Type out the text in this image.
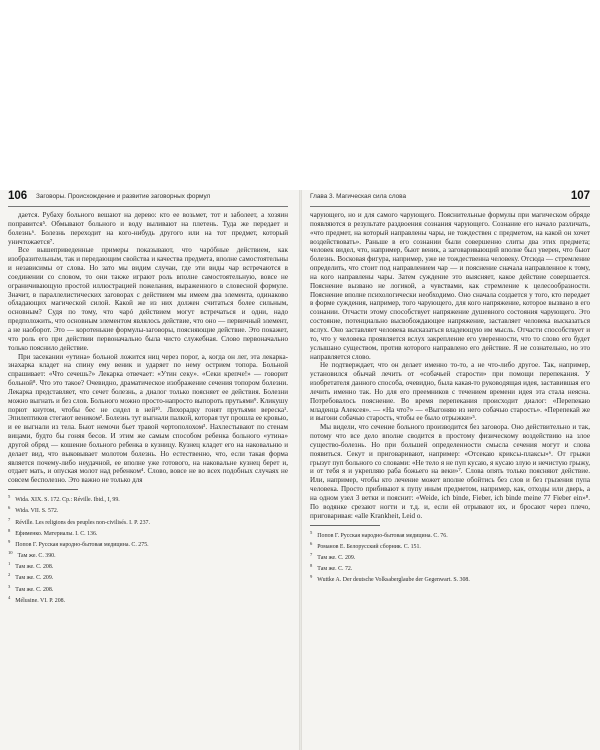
106 Заговоры. Происхождение и развитие заговорных формул

дается. Рубаху больного вешают на дерево: кто ее возьмет, тот и заболеет, а хозяин поправится⁵. Обмывают больного и воду выливают на плетень. Туда же передает и болезнь⁶. Болезнь переходит на кого-нибудь другого или на тот предмет, который уничтожается⁷.

Все вышеприведенные примеры показывают, что чарóбные действием, как изобразительным, так и передающим свойства и качества предмета, вполне самостоятельны и независимы от слова. Но зато мы видим случаи, где эти виды чар встречаются в соединении со словом, то они также играют роль вполне самостоятельную, вовсе не ограничивающую простой иллюстрацией пожелания, выраженного в словесной формуле. Значит, в параллелистических заговорах с действием мы имеем два элемента, одинаково обладающих магической силой. Какой же из них должен считаться более сильным, основным? Судя по тому, что чарó действием могут встречаться и одни, надо предположить, что основным элементом являлось действие, что оно — первичный элемент, а не наоборот. Это — коротенькие формулы-заговоры, поясняющие действие. Это покажет, что роль его при действии первоначально была чисто служебная. Слово первоначально только пояснило действие.

При засекании «утина» больной ложится ниц через порог, а, когда он лег, эта лекарка-знахарка кладет на спину ему веник и ударяет по нему острием топора. Больной спрашивает: «Что сечешь?» Лекарка отвечает: «Утин секу». «Секи крепче!» — говорит больной⁸. Что это такое? Очевидно, драматическое изображение сечения топором болезни. Лекарка представляет, что сечет болезнь, а диалог только поясняет ее действия. Болезни можно выгнать и без слов. Больного можно просто-напросто выпороть прутьями⁹. Кликушу порют кнутом, чтобы бес не сидел в ней¹⁰. Лихорадку гонят прутьями вереска¹. Эпилептиков стегают веником². Болезнь тут выгнали палкой, которая тут прошла ее кровью, и ее выгнали из тела. Бьют немочи бьет травой чертополохом³. Нахлестывают по стенам вицами, будто бы гоняя бесов. И этим же самым способом ребенка больного «утина» другой обряд — кошение больного ребенка в кузницу. Кузнец кладет его на наковальню и делает вид, что выковывает молотом болезнь. Но естественно, что, если такая форма является почему-либо неудачной, ее вполне уже готового, на наковальне кузнец берет и, отдает мать, и опуская молот над ребенком⁴. Слово, вовсе не во всех подобных случаях не совсем бесполезно. Это важно не только для

$^5$Wida. XIX. S. 172. Ср.: Réville. Ibid., I, 99.
$^6$Wida. VII. S. 572.
$^7$Réville. Les religions des peuples non-civilisés. I. P. 237.
$^8$Ефименко. Материалы. I. C. 136.
$^9$Попов Г. Русская народно-бытовая медицина. С. 275.
$^{10}$Там же. С. 390.
$^1$Там же. С. 208.
$^2$Там же. С. 209.
$^3$Там же. С. 208.
$^4$Mélusine. VI. P. 208.
Глава 3. Магическая сила слова	107

чарующего, но и для самого чарующего. Пояснительные формулы при магическом обряде появляются в результате раздвоения сознания чарующего. Сознание его начало различать, «что предмет, на который направлены чары, не тождествен с предметом, на какой он хочет воздействовать». Раньше в его сознании были совершенно слиты два этих предмета; человек видел, что, например, бьют веник, а заговаривающий вполне был уверен, что бьют болезнь. Восковая фигура, например, уже не тождественна человеку. Отсюда — стремление определить, что стоит под направлением чар — и пояснение сначала направленное к тому, на кого направлены чары. Затем суждение это выясняет, какое действие совершается. Пояснение вызвано не логикой, а чувствами, как стремление к целесообразности. Пояснение вполне психологически необходимо. Оно сначала создается у того, кто передает в форме суждения, например, того чарующего, для кого напряжение, которое вызвано в его сознании. Отчасти этому способствует напряжение душевного состояния чарующего. Это состояние, потенциально высвобождающее напряжение, заставляет человека высказаться вслух. Оно заставляет человека высказаться владеющую им мысль. Отчасти способствует и то, что у человека проявляется вслух закрепление его уверенности, что то слово его будет услышано существом, против которого направлено его действие. Я не сознательно, но это направляется слово.

Не подтверждает, что он делает именно то-то, а не что-либо другое. Так, например, установился обычай лечить от «собачьей старости» при помощи перепекания. У изобретателя данного способа, очевидно, была какая-то руководящая идея, заставившая его лечить именно так. Но для его преемников с течением времени идея эта стала неясна. Потребовалось пояснение. Во время перепекания происходит диалог: «Перепекаю младенца Алексея». — «На что?» — «Выгоняю из него собачью старость». «Перепекай же и выгони собачью старость, чтобы ее было отрыжки»⁵.

Мы видели, что сечение больного производится без заговора. Оно действительно и так, потому что все дело вполне сводится в простому физическому воздействию на злое существо-болезнь. Но при большей определенности смысла сечения могут и слова появиться. Секут и приговаривают, например: «Отсекаю крикcы-плаксы»⁶. От грыжи грызут пуп больного со словами: «Не тело я не пуп кусаю, я кусаю злую и нечистую грыжу, и от тебя я и укрепляю раба божьего на веки»⁷. Слова опять только поясняют действие. Или, например, чтобы кто лечение может вполне обойтись без слов и без грызения пупа человека. Просто прибивают к пупу иным предметом, например, как, отходы или дверь, а на одном узел 3 ветки и пояснит: «Weide, ich binde, Fieber, ich binde meine 77 Fieber ein»⁸. По водянке срезают ногти и т.д. и, если ей отрывают их, и бросают через плечо, приговаривая: «alle Krankheit, Leid о.

$^5$Попов Г. Русская народно-бытовая медицина. С. 76.
$^6$Романов Е. Белорусский сборник. С. 151.
$^7$Там же. С. 209.
$^8$Там же. С. 72.
$^9$Wuttke A. Der deutsche Volksaberglaube der Gegenwart. S. 308.
